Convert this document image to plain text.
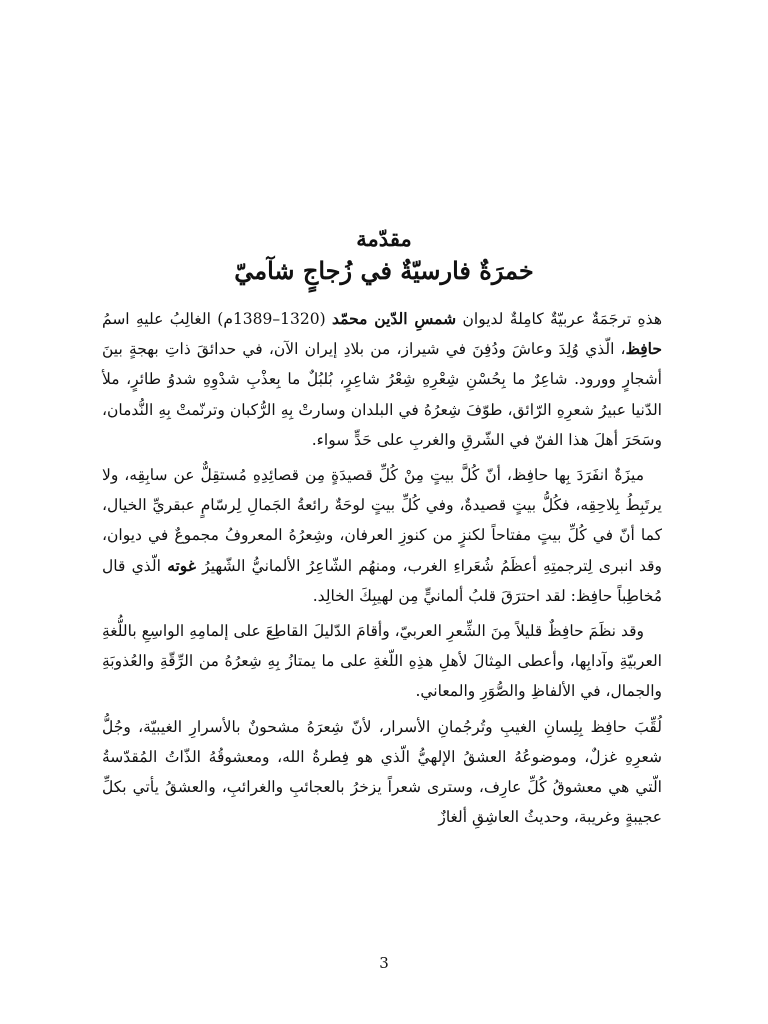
مقدّمة
خمرَةٌ فارسيّةٌ في زُجاجٍ شآميّ

هذهِ ترجَمَةٌ عربيّةٌ كامِلةٌ لديوان شمسِ الدّين محمّد (1320–1389م) الغالِبُ عليهِ اسمُ حافِظ، الّذي وُلِدَ وعاشَ ودُفِنَ في شيراز، من بلادِ إيران الآن، في حدائقَ ذاتِ بهجةٍ بينَ أشجارٍ وورود. شاعِرٌ ما بِحُسْنِ شِعْرِهِ شِعْرُ شاعِرٍ، بُلبُلٌ ما بِعذْبِ شدْوِهِ شدوُ طائرٍ، ملأ الدّنيا عبيرُ شعرِهِ الرّائق، طوّفَ شِعرُهُ في البلدان وسارتْ بِهِ الرُّكبان وترنّمتْ بِهِ النُّدمان، وسَحَرَ أهلَ هذا الفنّ في الشّرقِ والغربِ على حَدٍّ سواء.

ميزَةٌ انفَرَدَ بِها حافِظ، أنّ كُلَّ بيتٍ مِنْ كُلِّ قصيدَةٍ مِن قصائِدِهِ مُستقِلٌّ عن سابِقِه، ولا يرتَبِطُ بِلاحِقِه، فكُلُّ بيتٍ قصيدةٌ، وفي كُلِّ بيتٍ لوحَةٌ رائعةُ الجَمالِ لِرسّامٍ عبقريِّ الخيال، كما أنّ في كُلِّ بيتٍ مفتاحاً لكنزٍ من كنوزِ العرفان، وشِعرُهُ المعروفُ مجموعٌ في ديوان، وقد انبرى لِترجمتِهِ أعظَمُ شُعَراءِ الغرب، ومنهُم الشّاعِرُ الألمانيُّ الشّهيرُ غوته الّذي قال مُخاطِباً حافِظ: لقد احترَقَ قلبُ ألمانيٍّ مِن لهيبِكَ الخالِد.

وقد نظَمَ حافِظٌ قليلاً مِنَ الشِّعرِ العربيّ، وأقامَ الدّليلَ القاطِعَ على إلمامِهِ الواسِعِ باللُّغةِ العربيّةِ وآدابِها، وأعطى المِثالَ لأهلِ هذِهِ اللّغةِ على ما يمتازُ بِهِ شِعرُهُ من الرِّقّةِ والعُذوبَةِ والجمال، في الألفاظِ والصُّوَرِ والمعاني.

لُقِّبَ حافِظ بِلِسانِ الغيبِ وتُرجُمانِ الأسرار، لأنّ شِعرَهُ مشحونٌ بالأسرارِ الغيبيّة، وجُلُّ شعرِهِ غزلٌ، وموضوعُهُ العشقُ الإلهيُّ الّذي هو فِطرةُ الله، ومعشوقُهُ الذّاتُ المُقدّسةُ الّتي هي معشوقُ كُلِّ عارِف، وسترى شعراً يزخرُ بالعجائبِ والغرائبِ، والعشقُ يأتي بكلِّ عجيبةٍ وغريبة، وحديثُ العاشِقِ ألغازٌ

3
